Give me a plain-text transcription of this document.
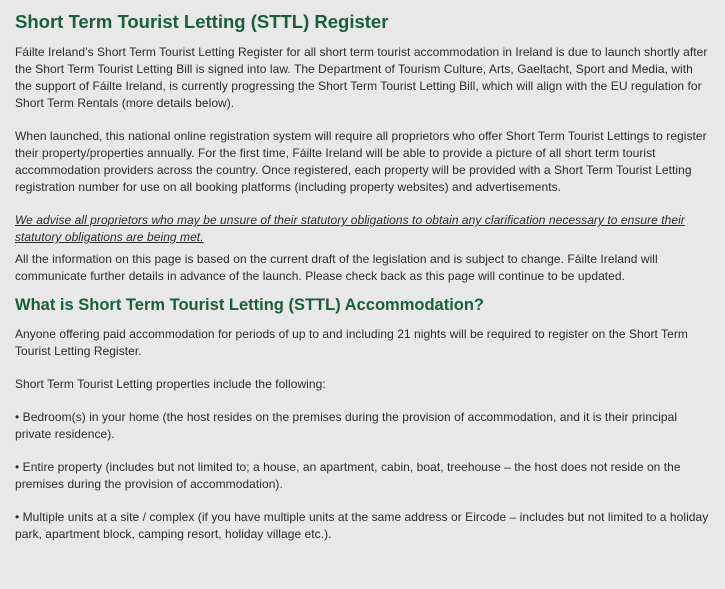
Short Term Tourist Letting (STTL) Register

Fáilte Ireland’s Short Term Tourist Letting Register for all short term tourist accommodation in Ireland is due to launch shortly after the Short Term Tourist Letting Bill is signed into law. The Department of Tourism Culture, Arts, Gaeltacht, Sport and Media, with the support of Fáilte Ireland, is currently progressing the Short Term Tourist Letting Bill, which will align with the EU regulation for Short Term Rentals (more details below).

When launched, this national online registration system will require all proprietors who offer Short Term Tourist Lettings to register their property/properties annually. For the first time, Fáilte Ireland will be able to provide a picture of all short term tourist accommodation providers across the country. Once registered, each property will be provided with a Short Term Tourist Letting registration number for use on all booking platforms (including property websites) and advertisements.

We advise all proprietors who may be unsure of their statutory obligations to obtain any clarification necessary to ensure their statutory obligations are being met.

All the information on this page is based on the current draft of the legislation and is subject to change. Fáilte Ireland will communicate further details in advance of the launch. Please check back as this page will continue to be updated.

What is Short Term Tourist Letting (STTL) Accommodation?

Anyone offering paid accommodation for periods of up to and including 21 nights will be required to register on the Short Term Tourist Letting Register.

Short Term Tourist Letting properties include the following:

• Bedroom(s) in your home (the host resides on the premises during the provision of accommodation, and it is their principal private residence).

• Entire property (includes but not limited to; a house, an apartment, cabin, boat, treehouse – the host does not reside on the premises during the provision of accommodation).

• Multiple units at a site / complex (if you have multiple units at the same address or Eircode – includes but not limited to a holiday park, apartment block, camping resort, holiday village etc.).
